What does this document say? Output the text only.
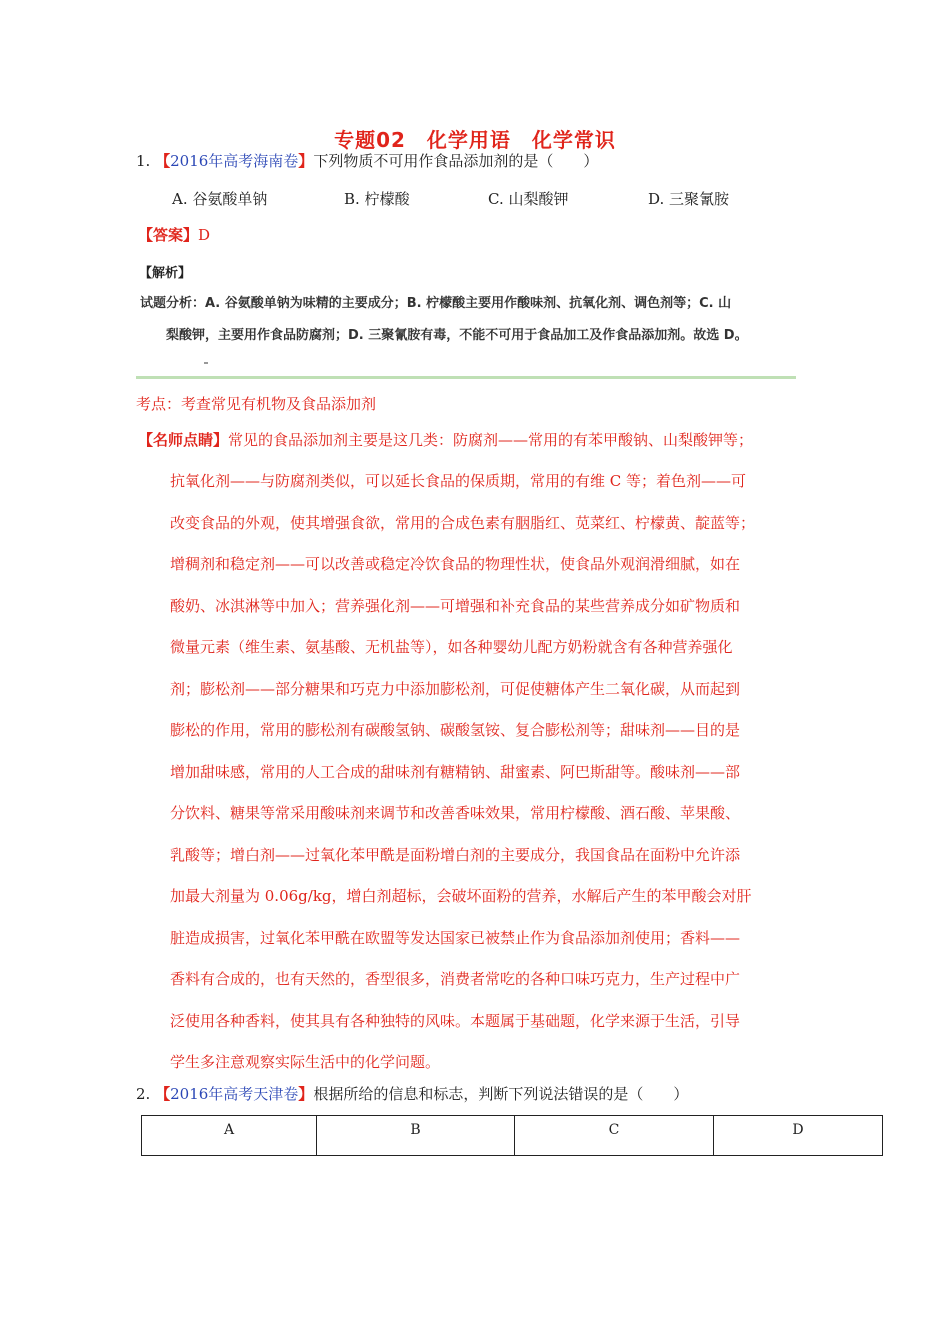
专题02　化学用语　化学常识
1. 【2016年高考海南卷】下列物质不可用作食品添加剂的是（　　）
A. 谷氨酸单钠	B. 柠檬酸	C. 山梨酸钾	D. 三聚氰胺
【答案】D
【解析】
试题分析：A. 谷氨酸单钠为味精的主要成分；B. 柠檬酸主要用作酸味剂、抗氧化剂、调色剂等；C. 山
梨酸钾，主要用作食品防腐剂；D. 三聚氰胺有毒，不能不可用于食品加工及作食品添加剂。故选 D。
考点：考查常见有机物及食品添加剂
【名师点睛】常见的食品添加剂主要是这几类：防腐剂——常用的有苯甲酸钠、山梨酸钾等；
抗氧化剂——与防腐剂类似，可以延长食品的保质期，常用的有维 C 等；着色剂——可
改变食品的外观，使其增强食欲，常用的合成色素有胭脂红、苋菜红、柠檬黄、靛蓝等；
增稠剂和稳定剂——可以改善或稳定冷饮食品的物理性状，使食品外观润滑细腻，如在
酸奶、冰淇淋等中加入；营养强化剂——可增强和补充食品的某些营养成分如矿物质和
微量元素（维生素、氨基酸、无机盐等），如各种婴幼儿配方奶粉就含有各种营养强化
剂；膨松剂——部分糖果和巧克力中添加膨松剂，可促使糖体产生二氧化碳，从而起到
膨松的作用，常用的膨松剂有碳酸氢钠、碳酸氢铵、复合膨松剂等；甜味剂——目的是
增加甜味感，常用的人工合成的甜味剂有糖精钠、甜蜜素、阿巴斯甜等。酸味剂——部
分饮料、糖果等常采用酸味剂来调节和改善香味效果，常用柠檬酸、酒石酸、苹果酸、
乳酸等；增白剂——过氧化苯甲酰是面粉增白剂的主要成分，我国食品在面粉中允许添
加最大剂量为 0.06g/kg，增白剂超标，会破坏面粉的营养，水解后产生的苯甲酸会对肝
脏造成损害，过氧化苯甲酰在欧盟等发达国家已被禁止作为食品添加剂使用；香料——
香料有合成的，也有天然的，香型很多，消费者常吃的各种口味巧克力，生产过程中广
泛使用各种香料，使其具有各种独特的风味。本题属于基础题，化学来源于生活，引导
学生多注意观察实际生活中的化学问题。
2. 【2016年高考天津卷】根据所给的信息和标志，判断下列说法错误的是（　　）
A	B	C	D
